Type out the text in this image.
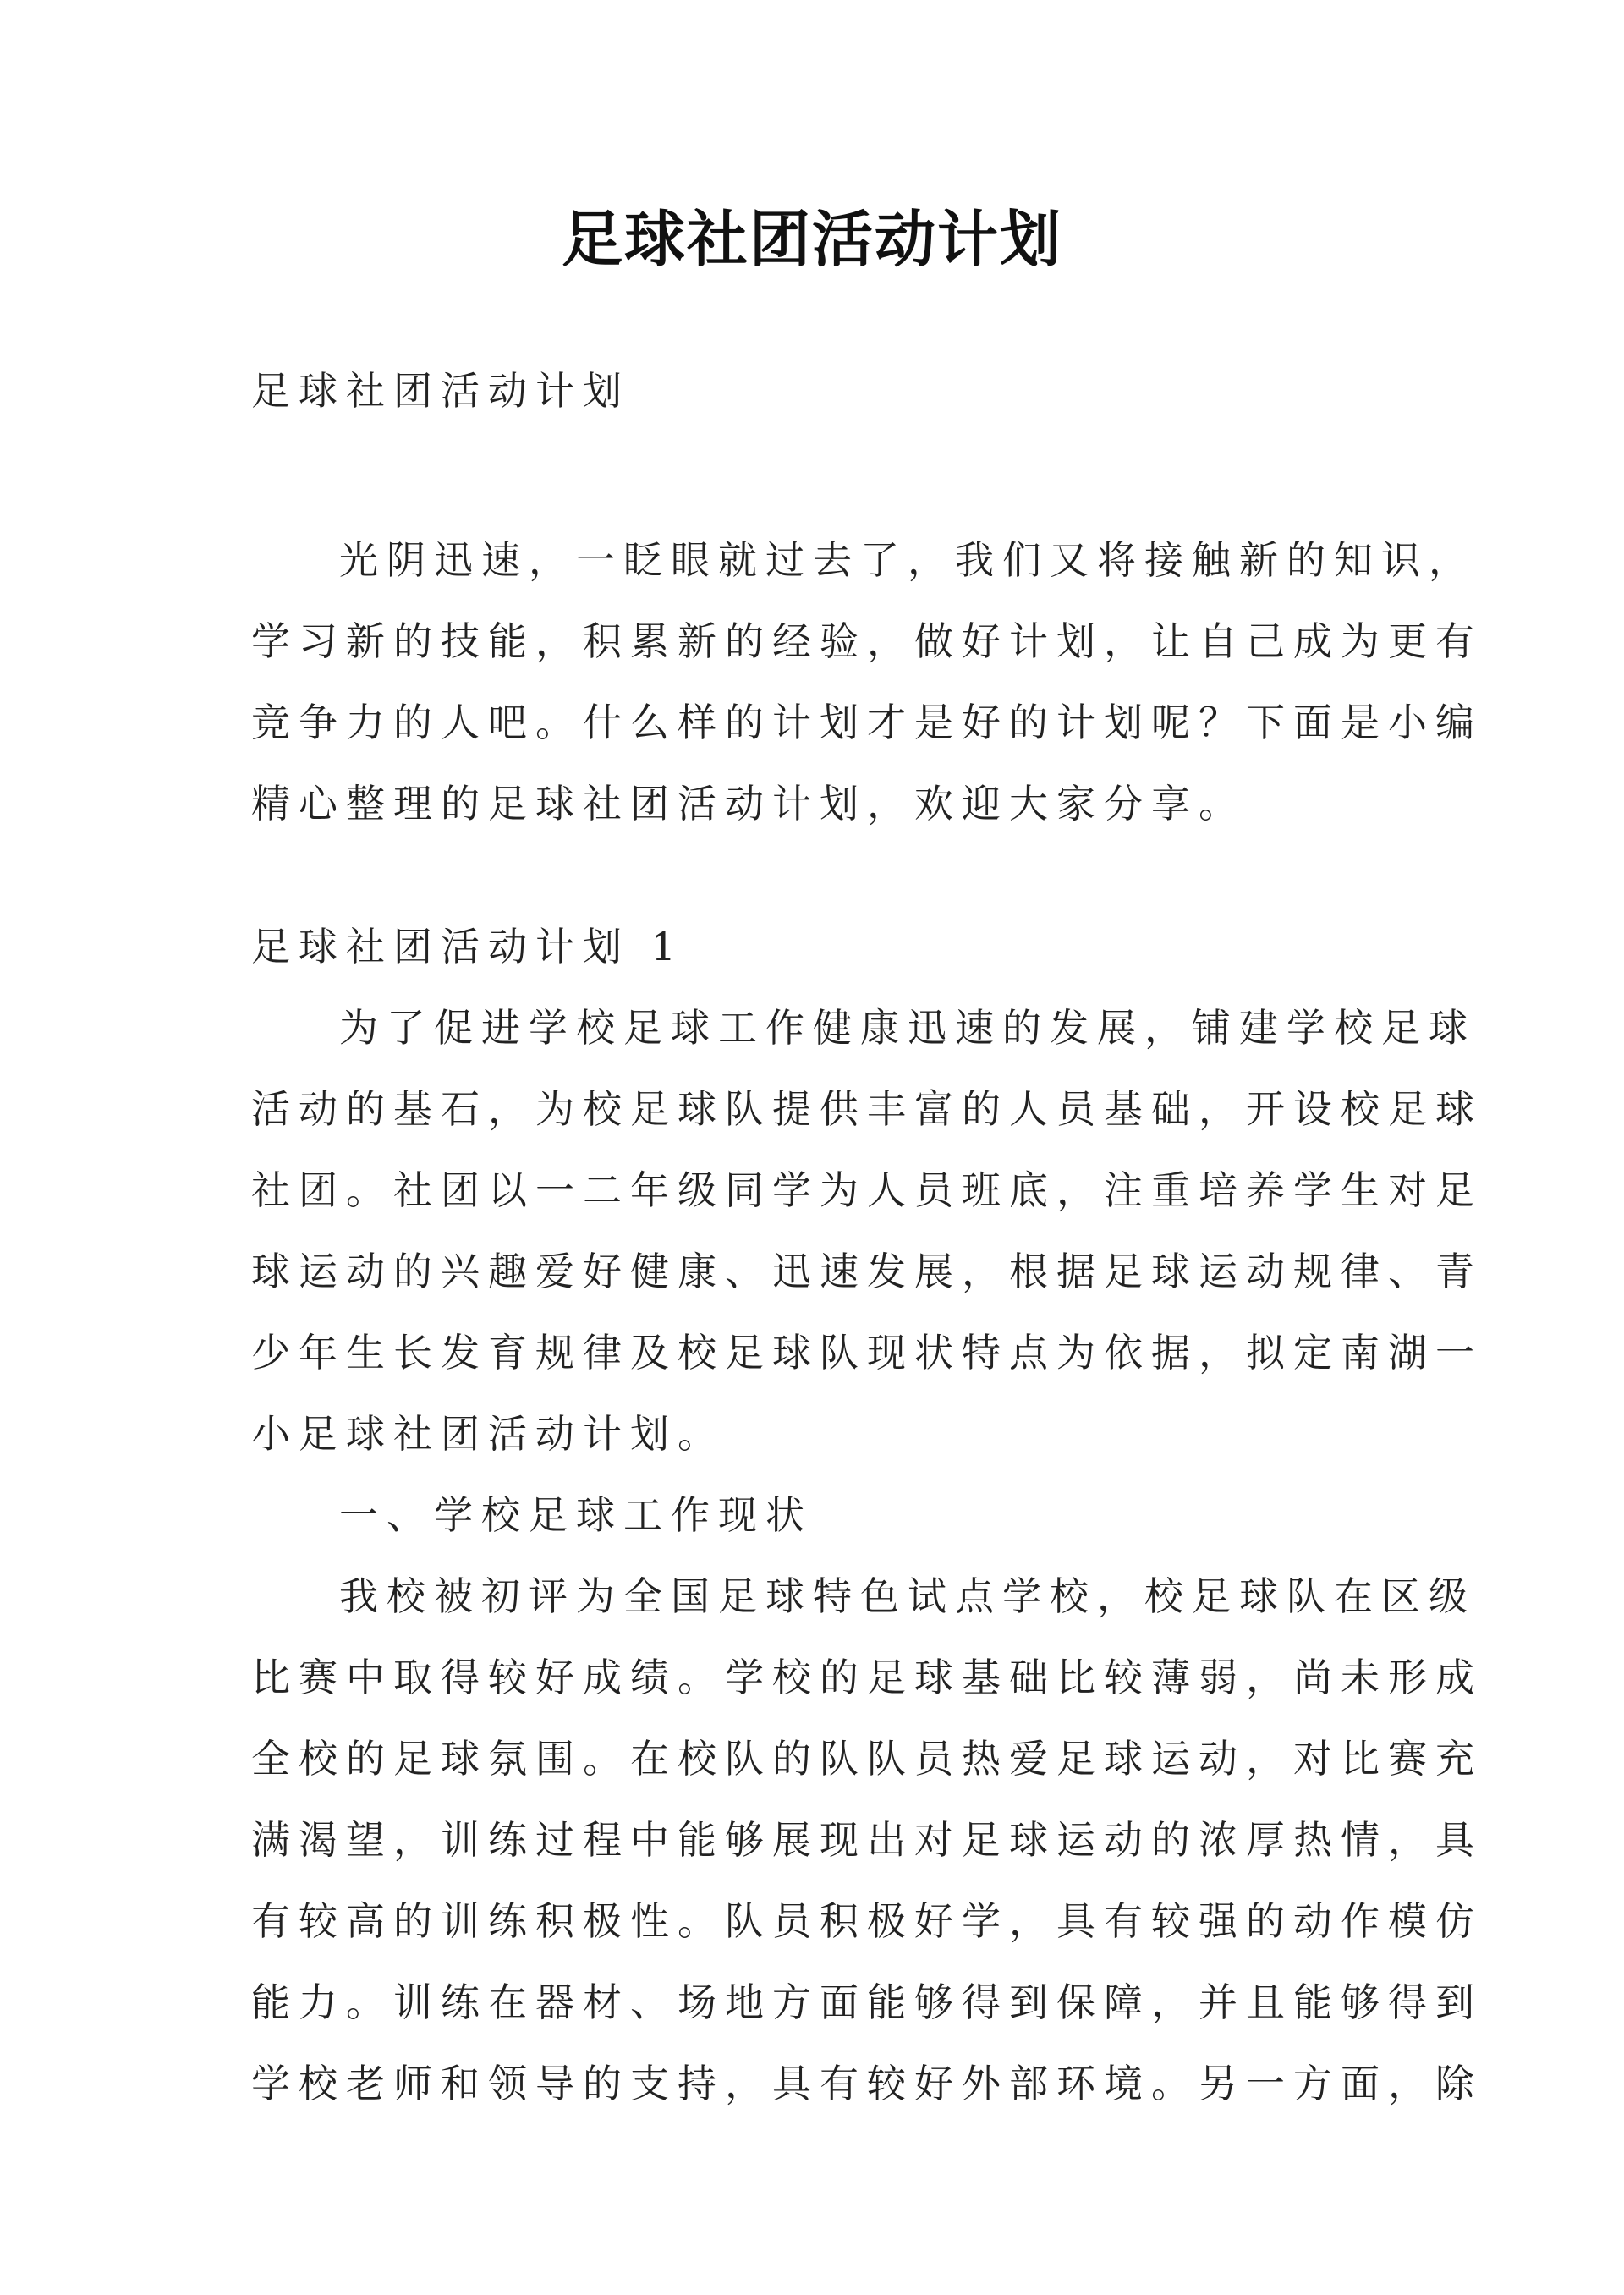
足球社团活动计划

足球社团活动计划

光阴迅速，一眨眼就过去了，我们又将接触新的知识，

学习新的技能，积累新的经验，做好计划，让自己成为更有

竞争力的人吧。什么样的计划才是好的计划呢？下面是小编

精心整理的足球社团活动计划，欢迎大家分享。

足球社团活动计划 1

为了促进学校足球工作健康迅速的发展，铺建学校足球

活动的基石，为校足球队提供丰富的人员基础，开设校足球

社团。社团以一二年级同学为人员班底，注重培养学生对足

球运动的兴趣爱好健康、迅速发展，根据足球运动规律、青

少年生长发育规律及校足球队现状特点为依据，拟定南湖一

小足球社团活动计划。

一、学校足球工作现状

我校被初评为全国足球特色试点学校，校足球队在区级

比赛中取得较好成绩。学校的足球基础比较薄弱，尚未形成

全校的足球氛围。在校队的队队员热爱足球运动，对比赛充

满渴望，训练过程中能够展现出对足球运动的浓厚热情，具

有较高的训练积极性。队员积极好学，具有较强的动作模仿

能力。训练在器材、场地方面能够得到保障，并且能够得到

学校老师和领导的支持，具有较好外部环境。另一方面，除
